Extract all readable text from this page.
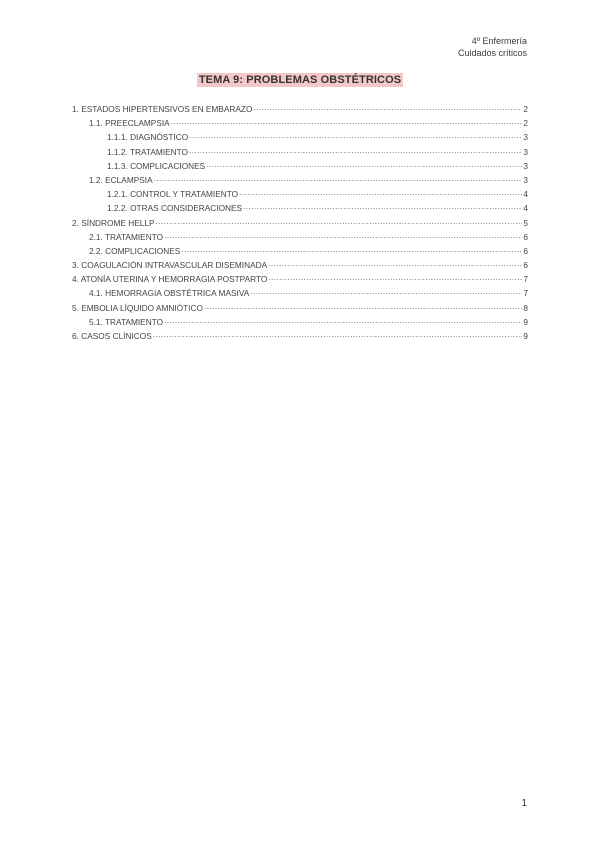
4º Enfermería
Cuidados críticos
TEMA 9: PROBLEMAS OBSTÉTRICOS
1. ESTADOS HIPERTENSIVOS EN EMBARAZO .....	2
1.1. PREECLAMPSIA .....	2
1.1.1. DIAGNÓSTICO .....	3
1.1.2. TRATAMIENTO .....	3
1.1.3. COMPLICACIONES .....	3
1.2. ECLAMPSIA .....	3
1.2.1. CONTROL Y TRATAMIENTO .....	4
1.2.2. OTRAS CONSIDERACIONES .....	4
2. SÍNDROME HELLP .....	5
2.1. TRATAMIENTO .....	6
2.2. COMPLICACIONES .....	6
3. COAGULACIÓN INTRAVASCULAR DISEMINADA .....	6
4. ATONÍA UTERINA Y HEMORRAGIA POSTPARTO .....	7
4.1. HEMORRAGIA OBSTÉTRICA MASIVA .....	7
5. EMBOLIA LÍQUIDO AMNIÓTICO .....	8
5.1. TRATAMIENTO .....	9
6. CASOS CLÍNICOS .....	9
1
